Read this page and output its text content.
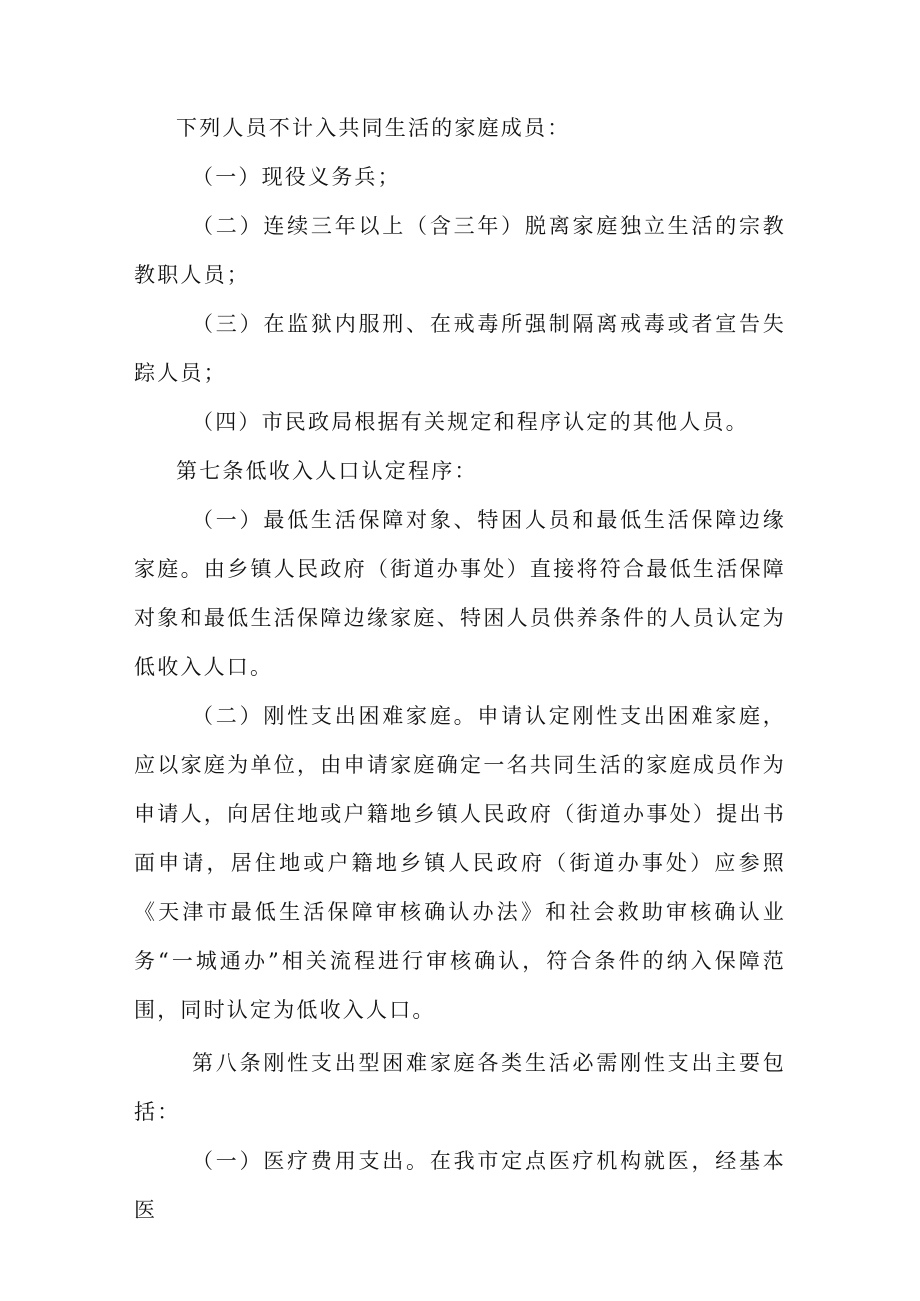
下列人员不计入共同生活的家庭成员：

（一）现役义务兵；

（二）连续三年以上（含三年）脱离家庭独立生活的宗教教职人员；

（三）在监狱内服刑、在戒毒所强制隔离戒毒或者宣告失踪人员；

（四）市民政局根据有关规定和程序认定的其他人员。

第七条低收入人口认定程序：

（一）最低生活保障对象、特困人员和最低生活保障边缘家庭。由乡镇人民政府（街道办事处）直接将符合最低生活保障对象和最低生活保障边缘家庭、特困人员供养条件的人员认定为低收入人口。

（二）刚性支出困难家庭。申请认定刚性支出困难家庭，应以家庭为单位，由申请家庭确定一名共同生活的家庭成员作为申请人，向居住地或户籍地乡镇人民政府（街道办事处）提出书面申请，居住地或户籍地乡镇人民政府（街道办事处）应参照《天津市最低生活保障审核确认办法》和社会救助审核确认业务“一城通办”相关流程进行审核确认，符合条件的纳入保障范围，同时认定为低收入人口。

第八条刚性支出型困难家庭各类生活必需刚性支出主要包括：

（一）医疗费用支出。在我市定点医疗机构就医，经基本医
